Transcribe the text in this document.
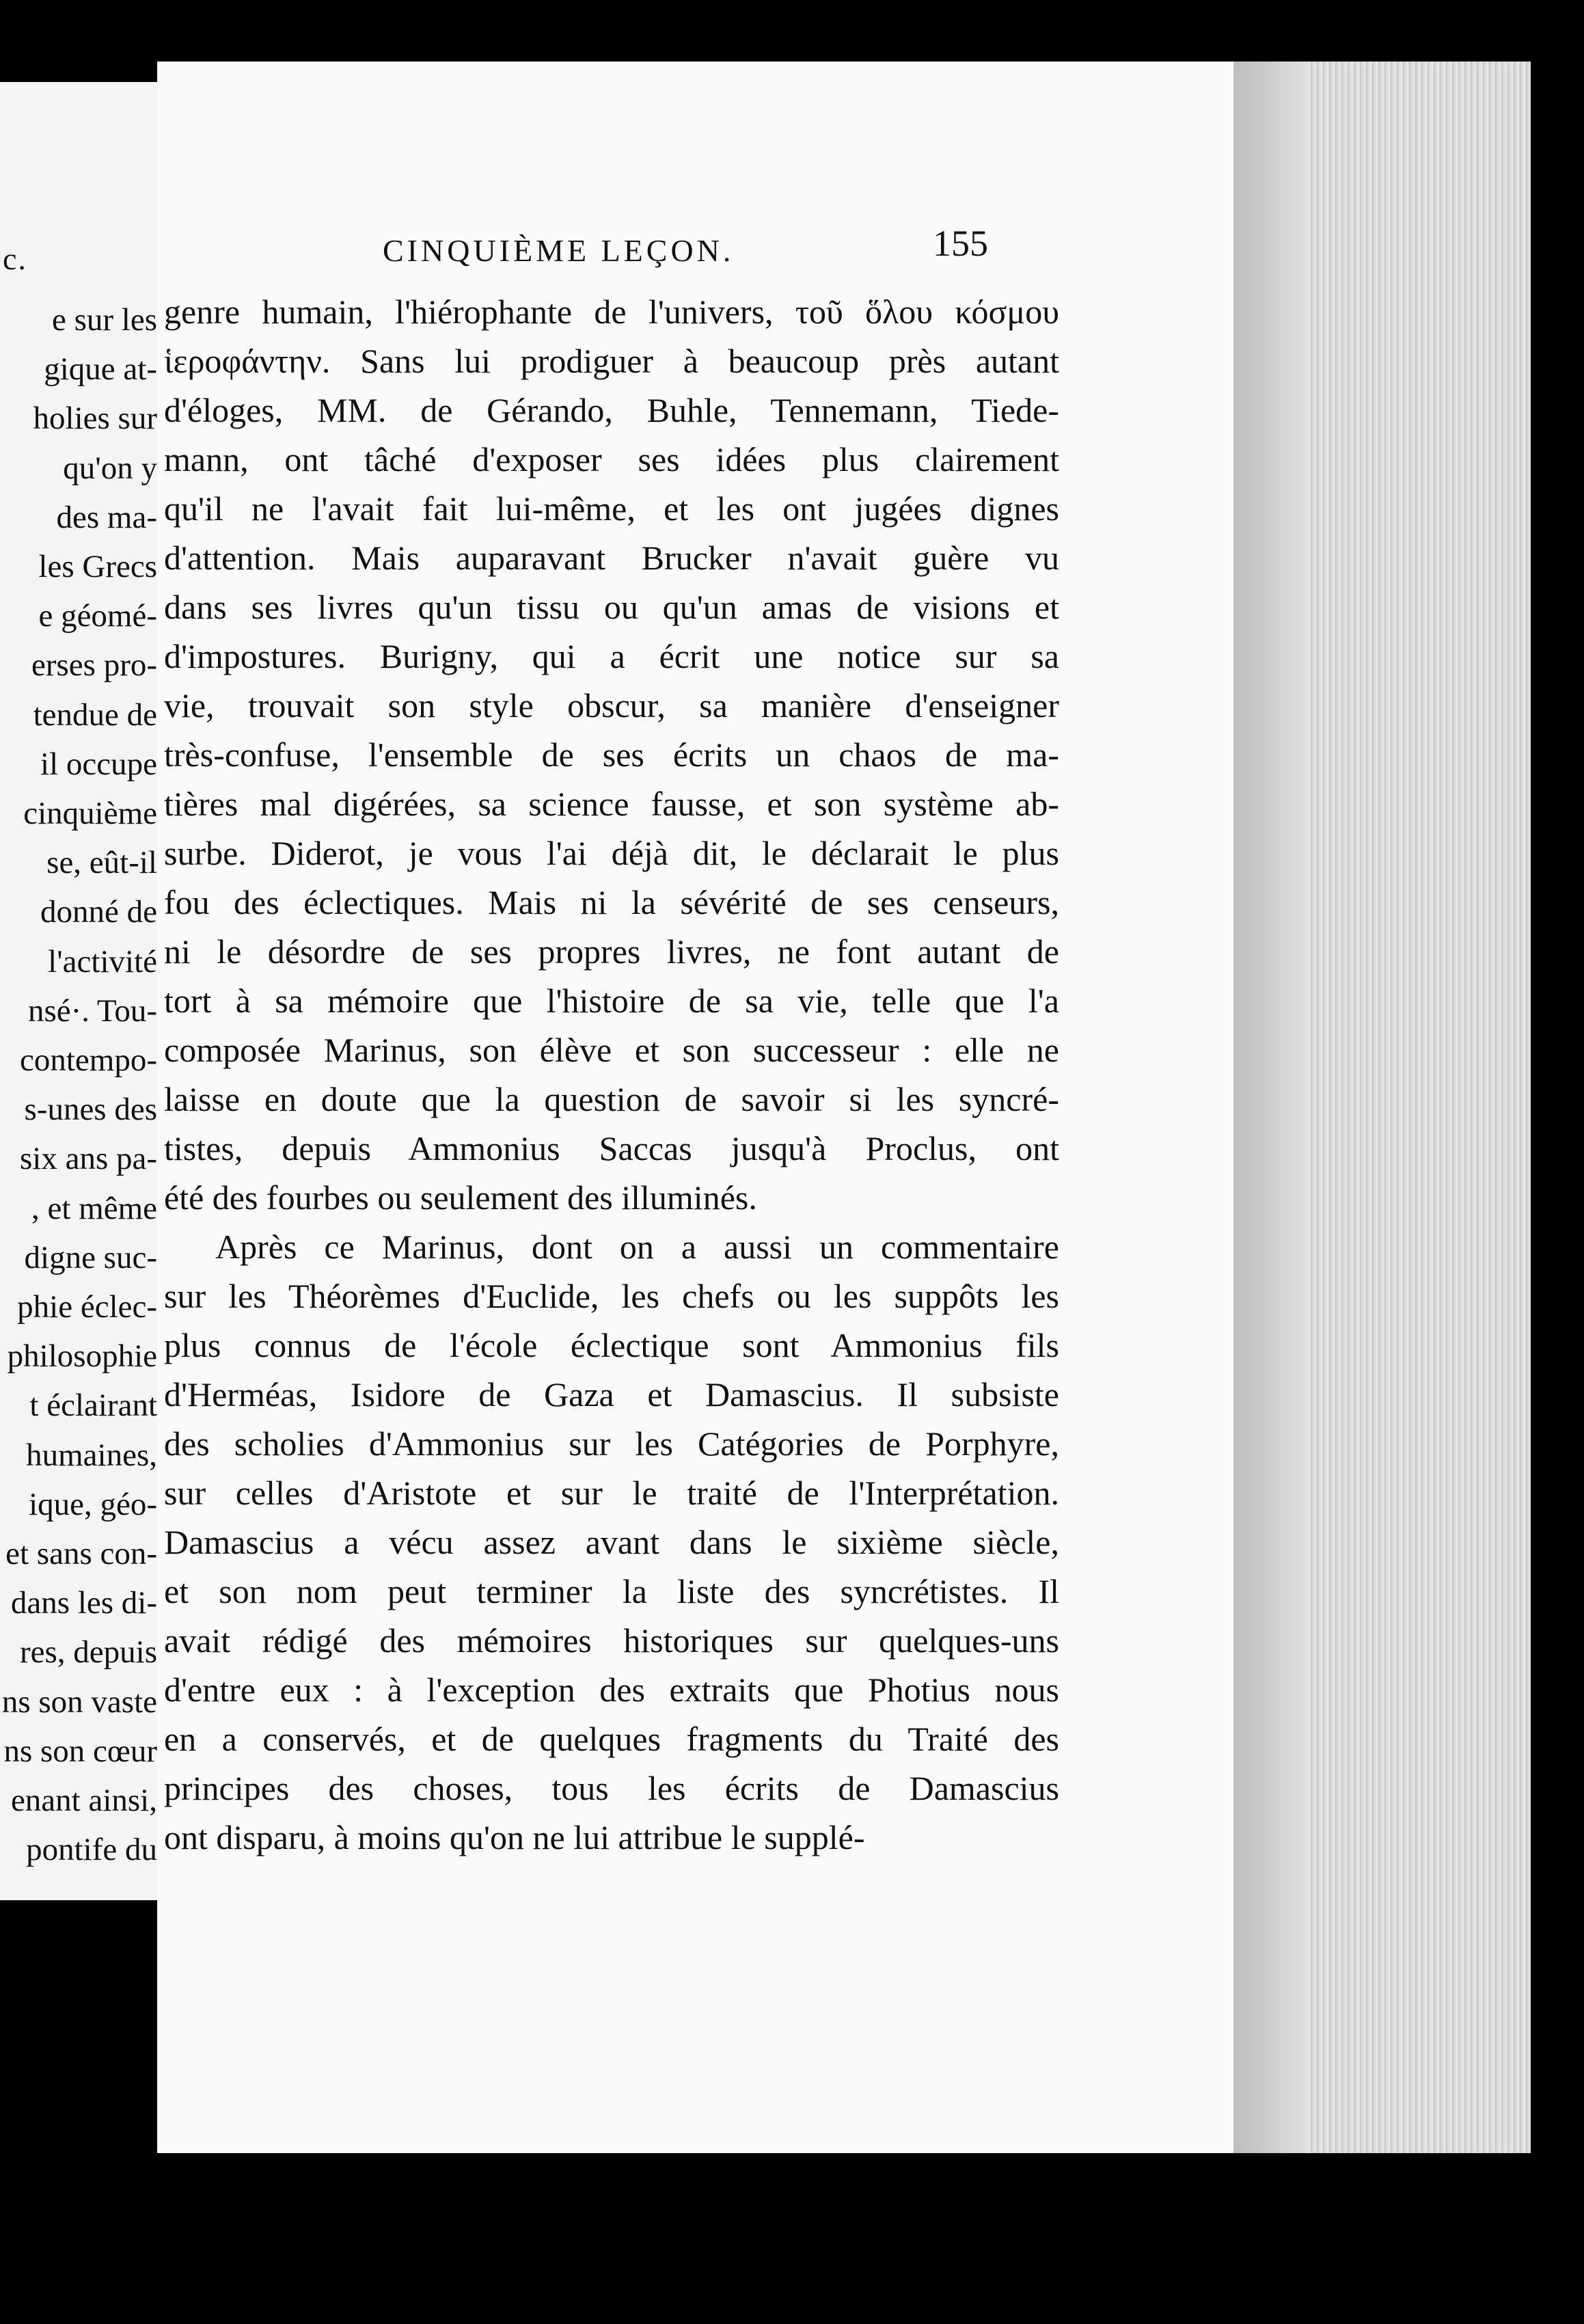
c.
e sur les
gique at-
holies sur
qu'on y
des ma-
les Grecs
e géomé-
erses pro-
tendue de
il occupe
cinquième
se, eût-il
donné de
l'activité
nsé·. Tou-
contempo-
s-unes des
six ans pa-
, et même
digne suc-
phie éclec-
philosophie
t éclairant
humaines,
ique, géo-
et sans con-
dans les di-
res, depuis
ns son vaste
ns son cœur
enant ainsi,
pontife du
CINQUIÈME LEÇON.	155
genre humain, l'hiérophante de l'univers, τοῦ ὅλου κόσμου
ἱεροφάντην. Sans lui prodiguer à beaucoup près autant
d'éloges, MM. de Gérando, Buhle, Tennemann, Tiede-
mann, ont tâché d'exposer ses idées plus clairement
qu'il ne l'avait fait lui-même, et les ont jugées dignes
d'attention. Mais auparavant Brucker n'avait guère vu
dans ses livres qu'un tissu ou qu'un amas de visions et
d'impostures. Burigny, qui a écrit une notice sur sa
vie, trouvait son style obscur, sa manière d'enseigner
très-confuse, l'ensemble de ses écrits un chaos de ma-
tières mal digérées, sa science fausse, et son système ab-
surbe. Diderot, je vous l'ai déjà dit, le déclarait le plus
fou des éclectiques. Mais ni la sévérité de ses censeurs,
ni le désordre de ses propres livres, ne font autant de
tort à sa mémoire que l'histoire de sa vie, telle que l'a
composée Marinus, son élève et son successeur : elle ne
laisse en doute que la question de savoir si les syncré-
tistes, depuis Ammonius Saccas jusqu'à Proclus, ont
été des fourbes ou seulement des illuminés.
Après ce Marinus, dont on a aussi un commentaire
sur les Théorèmes d'Euclide, les chefs ou les suppôts les
plus connus de l'école éclectique sont Ammonius fils
d'Herméas, Isidore de Gaza et Damascius. Il subsiste
des scholies d'Ammonius sur les Catégories de Porphyre,
sur celles d'Aristote et sur le traité de l'Interprétation.
Damascius a vécu assez avant dans le sixième siècle,
et son nom peut terminer la liste des syncrétistes. Il
avait rédigé des mémoires historiques sur quelques-uns
d'entre eux : à l'exception des extraits que Photius nous
en a conservés, et de quelques fragments du Traité des
principes des choses, tous les écrits de Damascius
ont disparu, à moins qu'on ne lui attribue le supplé-
